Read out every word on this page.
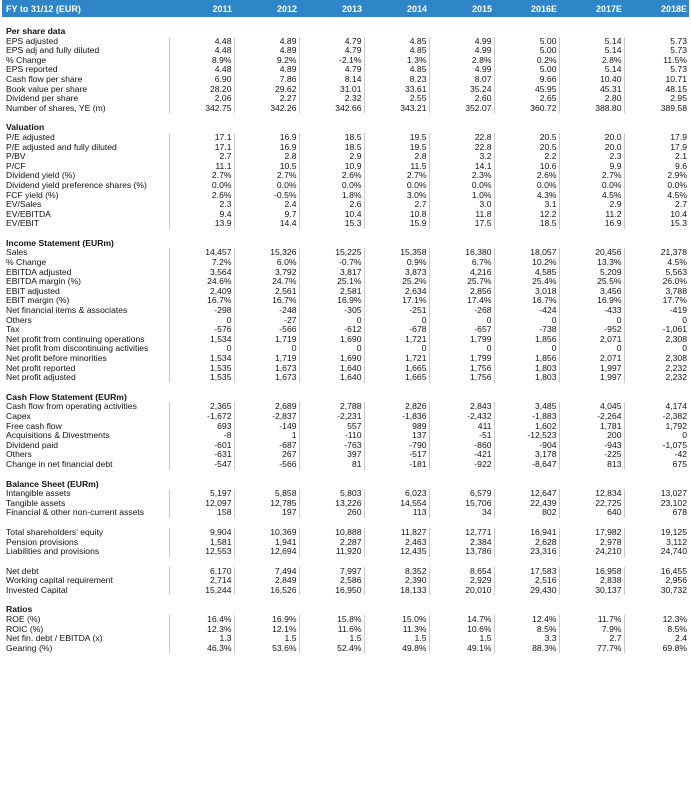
FY to 31/12 (EUR)	2011	2012	2013	2014	2015	2016E	2017E	2018E

Per share data								
EPS adjusted	4.48	4.89	4.79	4.85	4.99	5.00	5.14	5.73
EPS adj and fully diluted	4.48	4.89	4.79	4.85	4.99	5.00	5.14	5.73
% Change	8.9%	9.2%	-2.1%	1.3%	2.8%	0.2%	2.8%	11.5%
EPS reported	4.48	4.89	4.79	4.85	4.99	5.00	5.14	5.73
Cash flow per share	6.90	7.86	8.14	8.23	8.07	9.66	10.40	10.71
Book value per share	28.20	29.62	31.01	33.61	35.24	45.95	45.31	48.15
Dividend per share	2.06	2.27	2.32	2.55	2.60	2.65	2.80	2.95
Number of shares, YE (m)	342.75	342.26	342.66	343.21	352.07	360.72	388.80	389.58

Valuation								
P/E adjusted	17.1	16.9	18.5	19.5	22.8	20.5	20.0	17.9
P/E adjusted and fully diluted	17.1	16.9	18.5	19.5	22.8	20.5	20.0	17.9
P/BV	2.7	2.8	2.9	2.8	3.2	2.2	2.3	2.1
P/CF	11.1	10.5	10.9	11.5	14.1	10.6	9.9	9.6
Dividend yield (%)	2.7%	2.7%	2.6%	2.7%	2.3%	2.6%	2.7%	2.9%
Dividend yield preference shares (%)	0.0%	0.0%	0.0%	0.0%	0.0%	0.0%	0.0%	0.0%
FCF yield (%)	2.6%	-0.5%	1.8%	3.0%	1.0%	4.3%	4.5%	4.5%
EV/Sales	2.3	2.4	2.6	2.7	3.0	3.1	2.9	2.7
EV/EBITDA	9.4	9.7	10.4	10.8	11.8	12.2	11.2	10.4
EV/EBIT	13.9	14.4	15.3	15.9	17.5	18.5	16.9	15.3

Income Statement (EURm)								
Sales	14,457	15,326	15,225	15,358	16,380	18,057	20,456	21,378
% Change	7.2%	6.0%	-0.7%	0.9%	6.7%	10.2%	13.3%	4.5%
EBITDA adjusted	3,564	3,792	3,817	3,873	4,216	4,585	5,209	5,563
EBITDA margin (%)	24.6%	24.7%	25.1%	25.2%	25.7%	25.4%	25.5%	26.0%
EBIT adjusted	2,409	2,561	2,581	2,634	2,856	3,018	3,456	3,788
EBIT margin (%)	16.7%	16.7%	16.9%	17.1%	17.4%	16.7%	16.9%	17.7%
Net financial items & associates	-298	-248	-305	-251	-268	-424	-433	-419
Others	0	-27	0	0	0	0	0	0
Tax	-576	-566	-612	-678	-657	-738	-952	-1,061
Net profit from continuing operations	1,534	1,719	1,690	1,721	1,799	1,856	2,071	2,308
Net profit from discontinuing activities	0	0	0	0	0	0	0	0
Net profit before minorities	1,534	1,719	1,690	1,721	1,799	1,856	2,071	2,308
Net profit reported	1,535	1,673	1,640	1,665	1,756	1,803	1,997	2,232
Net profit adjusted	1,535	1,673	1,640	1,665	1,756	1,803	1,997	2,232

Cash Flow Statement (EURm)								
Cash flow from operating activities	2,365	2,689	2,788	2,826	2,843	3,485	4,045	4,174
Capex	-1,672	-2,837	-2,231	-1,836	-2,432	-1,883	-2,264	-2,382
Free cash flow	693	-149	557	989	411	1,602	1,781	1,792
Acquisitions & Divestments	-8	1	-110	137	-51	-12,523	200	0
Dividend paid	-601	-687	-763	-790	-860	-904	-943	-1,075
Others	-631	267	397	-517	-421	3,178	-225	-42
Change in net financial debt	-547	-566	81	-181	-922	-8,647	813	675

Balance Sheet (EURm)								
Intangible assets	5,197	5,858	5,803	6,023	6,579	12,647	12,834	13,027
Tangible assets	12,097	12,785	13,226	14,554	15,706	22,439	22,725	23,102
Financial & other non-current assets	158	197	260	113	34	802	640	678

Total shareholders' equity	9,904	10,369	10,888	11,827	12,771	16,941	17,982	19,125
Pension provisions	1,581	1,941	2,287	2,463	2,384	2,628	2,978	3,112
Liabilities and provisions	12,553	12,694	11,920	12,435	13,786	23,316	24,210	24,740

Net debt	6,170	7,494	7,997	8,352	8,654	17,583	16,958	16,455
Working capital requirement	2,714	2,849	2,586	2,390	2,929	2,516	2,838	2,956
Invested Capital	15,244	16,526	16,950	18,133	20,010	29,430	30,137	30,732

Ratios								
ROE (%)	16.4%	16.9%	15.8%	15.0%	14.7%	12.4%	11.7%	12.3%
ROIC (%)	12.3%	12.1%	11.6%	11.3%	10.6%	8.5%	7.9%	8.5%
Net fin. debt / EBITDA (x)	1.3	1.5	1.5	1.5	1.5	3.3	2.7	2.4
Gearing (%)	46.3%	53.6%	52.4%	49.8%	49.1%	88.3%	77.7%	69.8%
